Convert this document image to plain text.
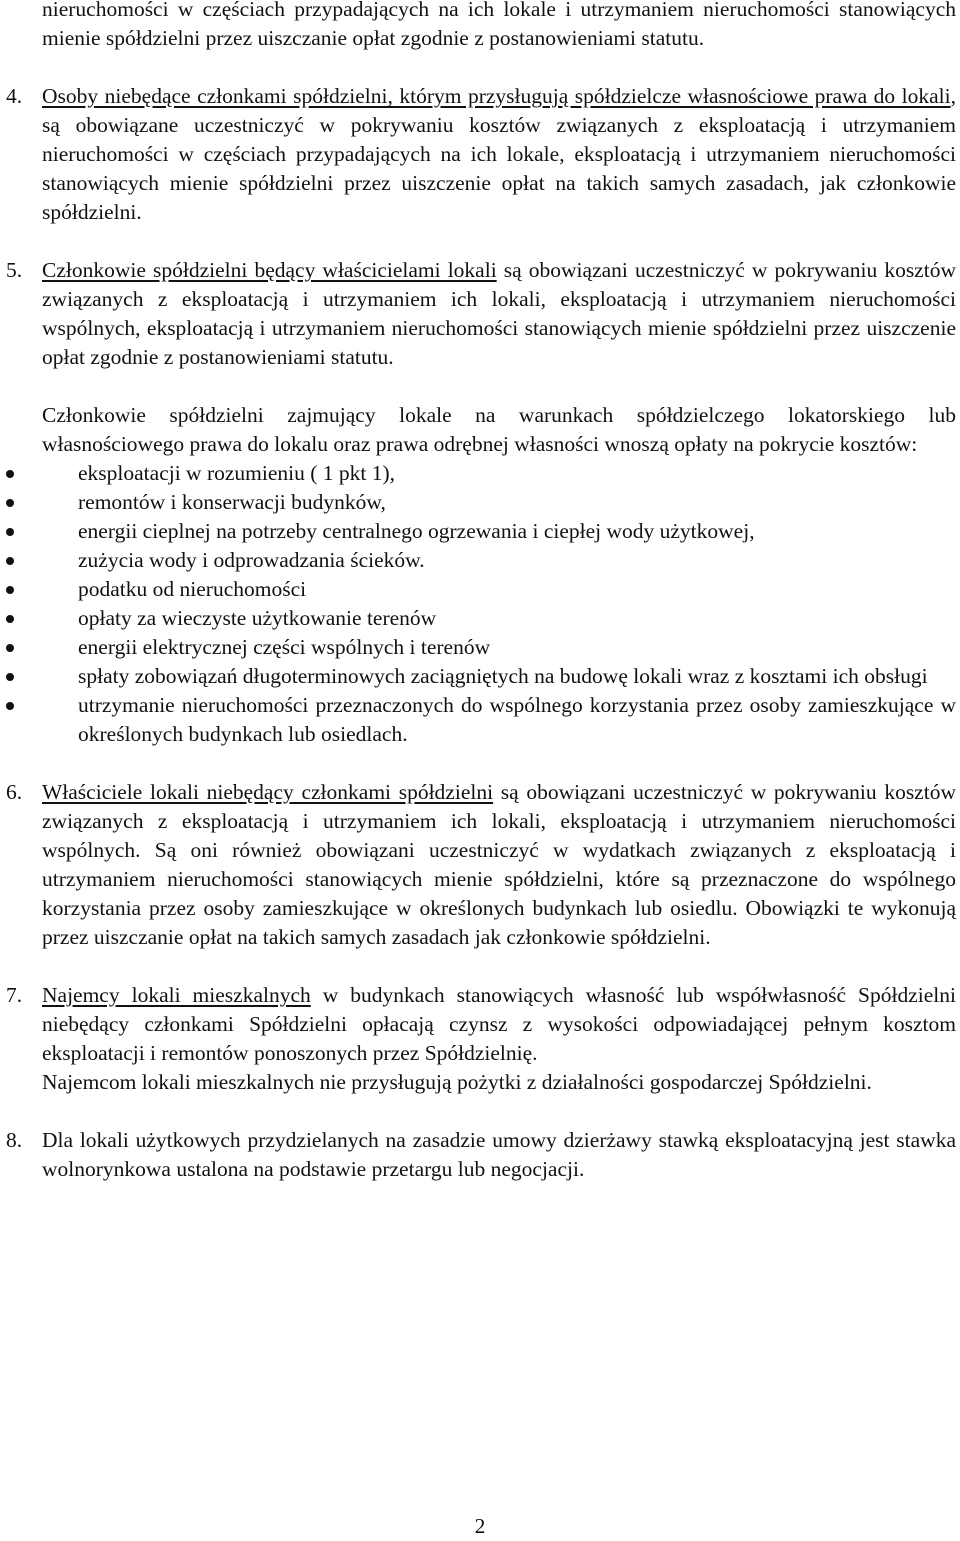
nieruchomości w częściach przypadających na ich lokale i utrzymaniem nieruchomości stanowiących mienie spółdzielni przez uiszczanie opłat zgodnie z postanowieniami statutu.

4. Osoby niebędące członkami spółdzielni, którym przysługują spółdzielcze własnościowe prawa do lokali, są obowiązane uczestniczyć w pokrywaniu kosztów związanych z eksploatacją i utrzymaniem nieruchomości w częściach przypadających na ich lokale, eksploatacją i utrzymaniem nieruchomości stanowiących mienie spółdzielni przez uiszczenie opłat na takich samych zasadach, jak członkowie spółdzielni.

5. Członkowie spółdzielni będący właścicielami lokali są obowiązani uczestniczyć w pokrywaniu kosztów związanych z eksploatacją i utrzymaniem ich lokali, eksploatacją i utrzymaniem nieruchomości wspólnych, eksploatacją i utrzymaniem nieruchomości stanowiących mienie spółdzielni przez uiszczenie opłat zgodnie z postanowieniami statutu.

Członkowie spółdzielni zajmujący lokale na warunkach spółdzielczego lokatorskiego lub własnościowego prawa do lokalu oraz prawa odrębnej własności wnoszą opłaty na pokrycie kosztów:

eksploatacji w rozumieniu ( 1 pkt 1),
remontów i konserwacji budynków,
energii cieplnej na potrzeby centralnego ogrzewania i ciepłej wody użytkowej,
zużycia wody i odprowadzania ścieków.
podatku od nieruchomości
opłaty za wieczyste użytkowanie terenów
energii elektrycznej części wspólnych i terenów
spłaty zobowiązań długoterminowych zaciągniętych na budowę lokali wraz z kosztami ich obsługi
utrzymanie nieruchomości przeznaczonych do wspólnego korzystania przez osoby zamieszkujące w określonych budynkach lub osiedlach.

6. Właściciele lokali niebędący członkami spółdzielni są obowiązani uczestniczyć w pokrywaniu kosztów związanych z eksploatacją i utrzymaniem ich lokali, eksploatacją i utrzymaniem nieruchomości wspólnych. Są oni również obowiązani uczestniczyć w wydatkach związanych z eksploatacją i utrzymaniem nieruchomości stanowiących mienie spółdzielni, które są przeznaczone do wspólnego korzystania przez osoby zamieszkujące w określonych budynkach lub osiedlu. Obowiązki te wykonują przez uiszczanie opłat na takich samych zasadach jak członkowie spółdzielni.

7. Najemcy lokali mieszkalnych w budynkach stanowiących własność lub współwłasność Spółdzielni niebędący członkami Spółdzielni opłacają czynsz z wysokości odpowiadającej pełnym kosztom eksploatacji i remontów ponoszonych przez Spółdzielnię.

Najemcom lokali mieszkalnych nie przysługują pożytki z działalności gospodarczej Spółdzielni.

8. Dla lokali użytkowych przydzielanych na zasadzie umowy dzierżawy stawką eksploatacyjną jest stawka wolnorynkowa ustalona na podstawie przetargu lub negocjacji.

2
